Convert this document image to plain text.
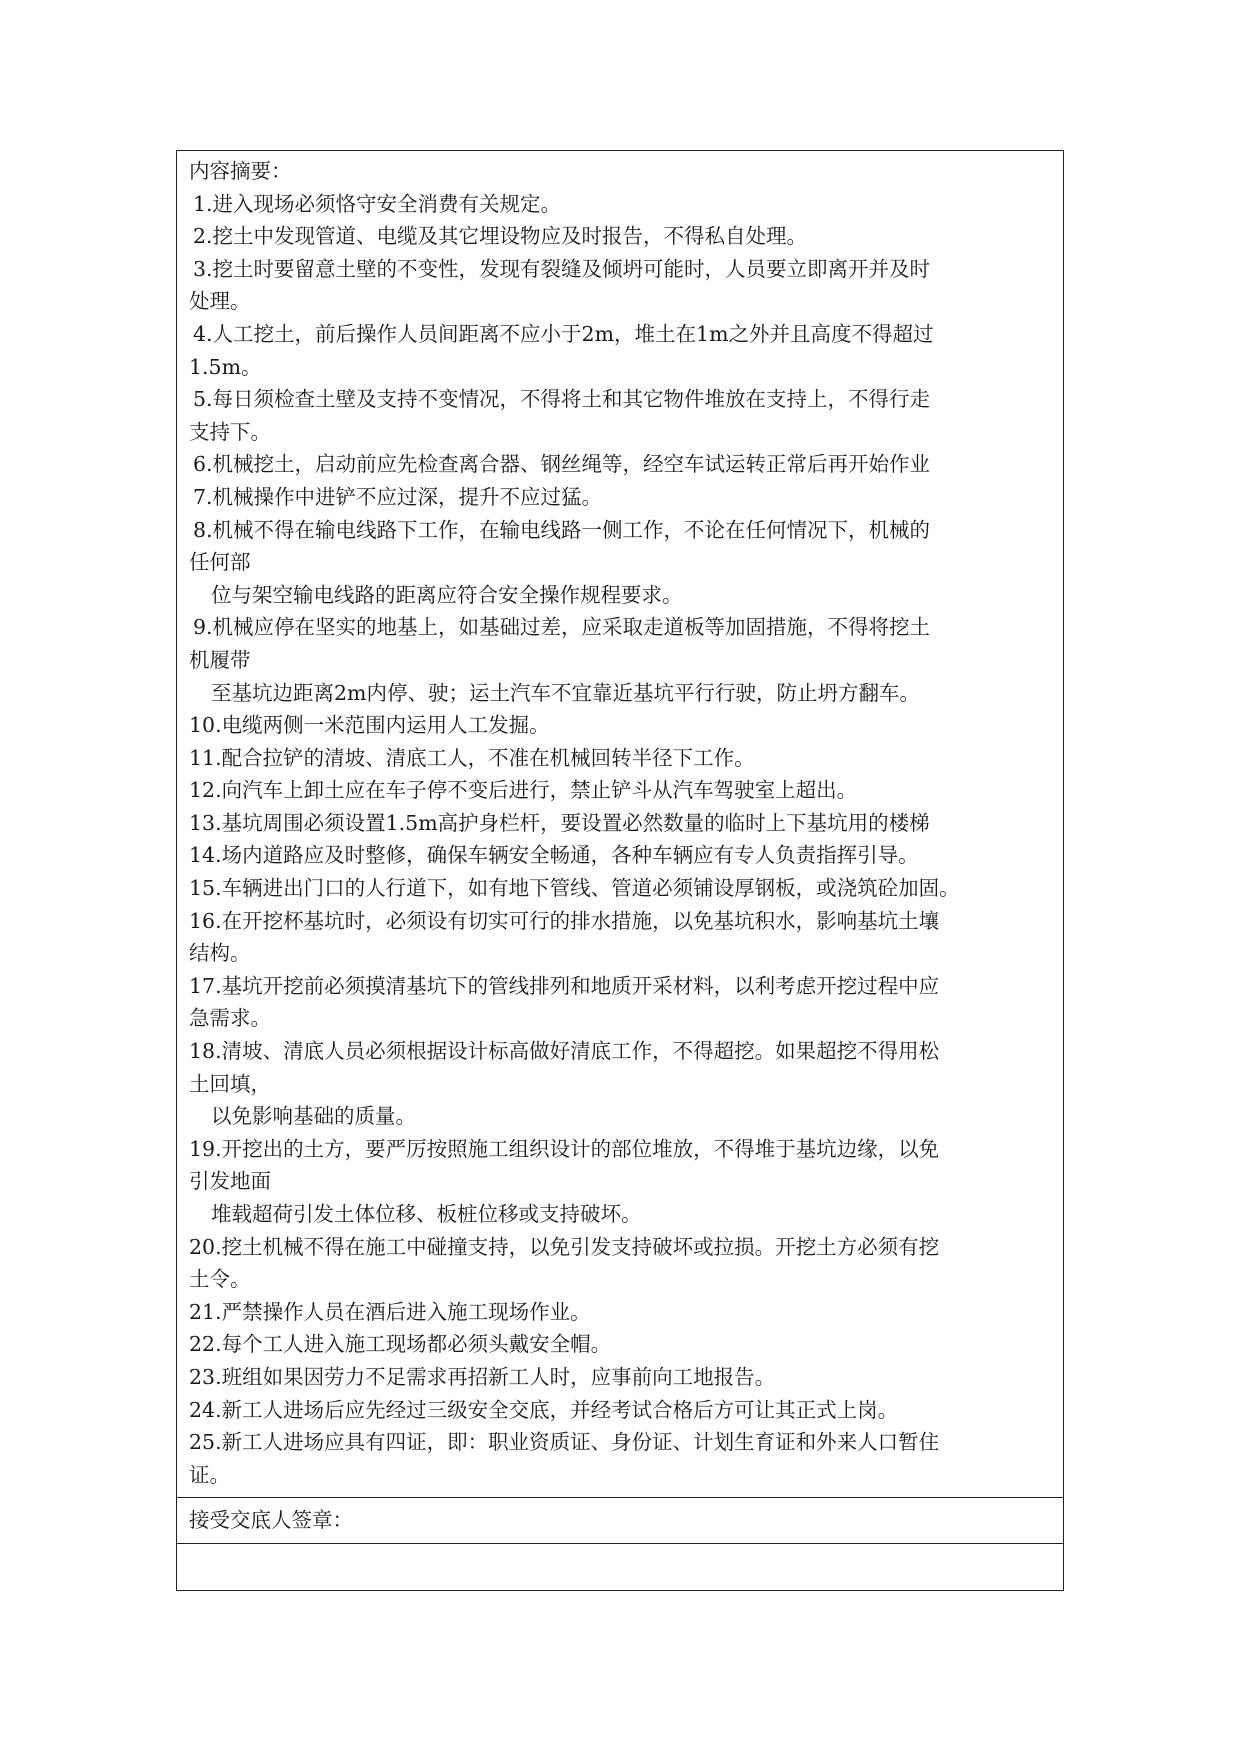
内容摘要：
1.进入现场必须恪守安全消费有关规定。
2.挖土中发现管道、电缆及其它埋设物应及时报告，不得私自处理。
3.挖土时要留意土壁的不变性，发现有裂缝及倾坍可能时，人员要立即离开并及时
处理。
4.人工挖土，前后操作人员间距离不应小于2m，堆土在1m之外并且高度不得超过
1.5m。
5.每日须检查土壁及支持不变情况，不得将土和其它物件堆放在支持上，不得行走
支持下。
6.机械挖土，启动前应先检查离合器、钢丝绳等，经空车试运转正常后再开始作业
7.机械操作中进铲不应过深，提升不应过猛。
8.机械不得在输电线路下工作，在输电线路一侧工作，不论在任何情况下，机械的
任何部
位与架空输电线路的距离应符合安全操作规程要求。
9.机械应停在坚实的地基上，如基础过差，应采取走道板等加固措施，不得将挖土
机履带
至基坑边距离2m内停、驶；运土汽车不宜靠近基坑平行行驶，防止坍方翻车。
10.电缆两侧一米范围内运用人工发掘。
11.配合拉铲的清坡、清底工人，不准在机械回转半径下工作。
12.向汽车上卸土应在车子停不变后进行，禁止铲斗从汽车驾驶室上超出。
13.基坑周围必须设置1.5m高护身栏杆，要设置必然数量的临时上下基坑用的楼梯
14.场内道路应及时整修，确保车辆安全畅通，各种车辆应有专人负责指挥引导。
15.车辆进出门口的人行道下，如有地下管线、管道必须铺设厚钢板，或浇筑砼加固。
16.在开挖杯基坑时，必须设有切实可行的排水措施，以免基坑积水，影响基坑土壤
结构。
17.基坑开挖前必须摸清基坑下的管线排列和地质开采材料，以利考虑开挖过程中应
急需求。
18.清坡、清底人员必须根据设计标高做好清底工作，不得超挖。如果超挖不得用松
土回填，
以免影响基础的质量。
19.开挖出的土方，要严厉按照施工组织设计的部位堆放，不得堆于基坑边缘，以免
引发地面
堆载超荷引发土体位移、板桩位移或支持破坏。
20.挖土机械不得在施工中碰撞支持，以免引发支持破坏或拉损。开挖土方必须有挖
土令。
21.严禁操作人员在酒后进入施工现场作业。
22.每个工人进入施工现场都必须头戴安全帽。
23.班组如果因劳力不足需求再招新工人时，应事前向工地报告。
24.新工人进场后应先经过三级安全交底，并经考试合格后方可让其正式上岗。
25.新工人进场应具有四证，即：职业资质证、身份证、计划生育证和外来人口暂住
证。
接受交底人签章：
